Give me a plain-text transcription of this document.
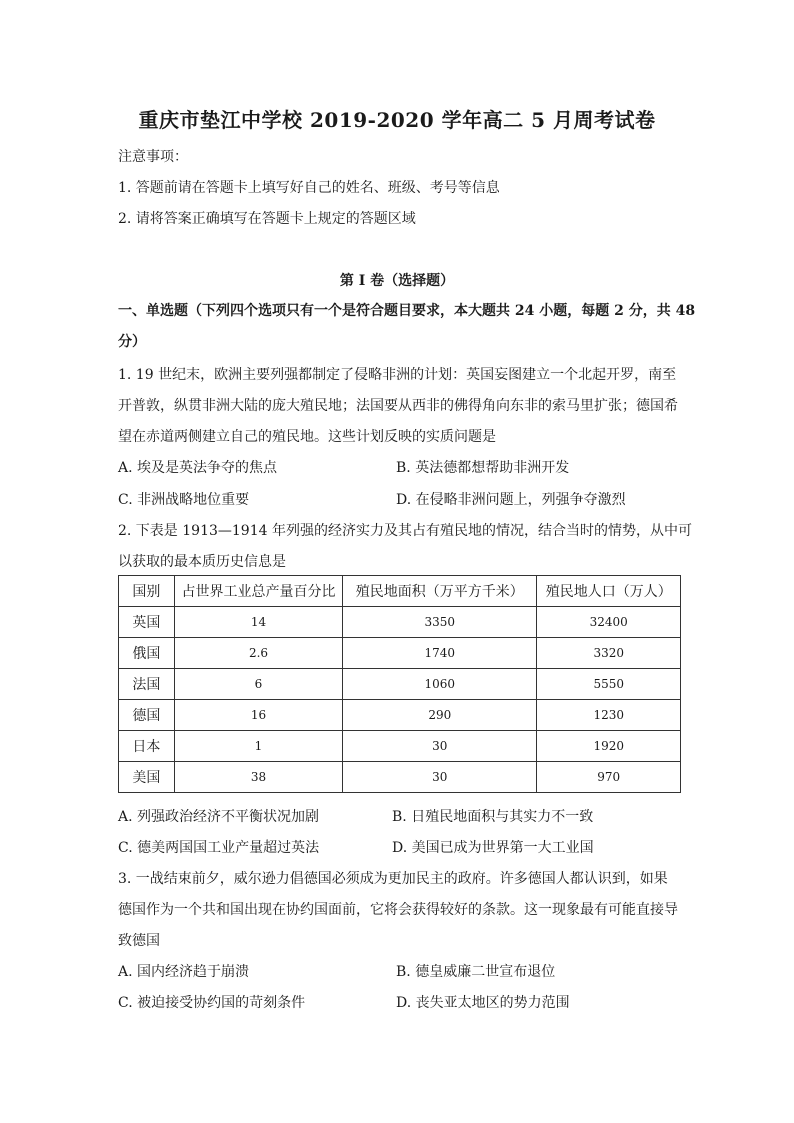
重庆市垫江中学校 2019-2020 学年高二 5 月周考试卷
注意事项：
1. 答题前请在答题卡上填写好自己的姓名、班级、考号等信息
2. 请将答案正确填写在答题卡上规定的答题区域
第 I 卷（选择题）
一、单选题（下列四个选项只有一个是符合题目要求，本大题共 24 小题，每题 2 分，共 48
分）
1. 19 世纪末，欧洲主要列强都制定了侵略非洲的计划：英国妄图建立一个北起开罗，南至
开普敦，纵贯非洲大陆的庞大殖民地；法国要从西非的佛得角向东非的索马里扩张；德国希
望在赤道两侧建立自己的殖民地。这些计划反映的实质问题是
A. 埃及是英法争夺的焦点	B. 英法德都想帮助非洲开发
C. 非洲战略地位重要	D. 在侵略非洲问题上，列强争夺激烈
2. 下表是 1913—1914 年列强的经济实力及其占有殖民地的情况，结合当时的情势，从中可
以获取的最本质历史信息是
国别	占世界工业总产量百分比	殖民地面积（万平方千米）	殖民地人口（万人）
英国	14	3350	32400
俄国	2.6	1740	3320
法国	6	1060	5550
德国	16	290	1230
日本	1	30	1920
美国	38	30	970
A. 列强政治经济不平衡状况加剧	B. 日殖民地面积与其实力不一致
C. 德美两国国工业产量超过英法	D. 美国已成为世界第一大工业国
3. 一战结束前夕，威尔逊力倡德国必须成为更加民主的政府。许多德国人都认识到，如果
德国作为一个共和国出现在协约国面前，它将会获得较好的条款。这一现象最有可能直接导
致德国
A. 国内经济趋于崩溃	B. 德皇威廉二世宣布退位
C. 被迫接受协约国的苛刻条件	D. 丧失亚太地区的势力范围
